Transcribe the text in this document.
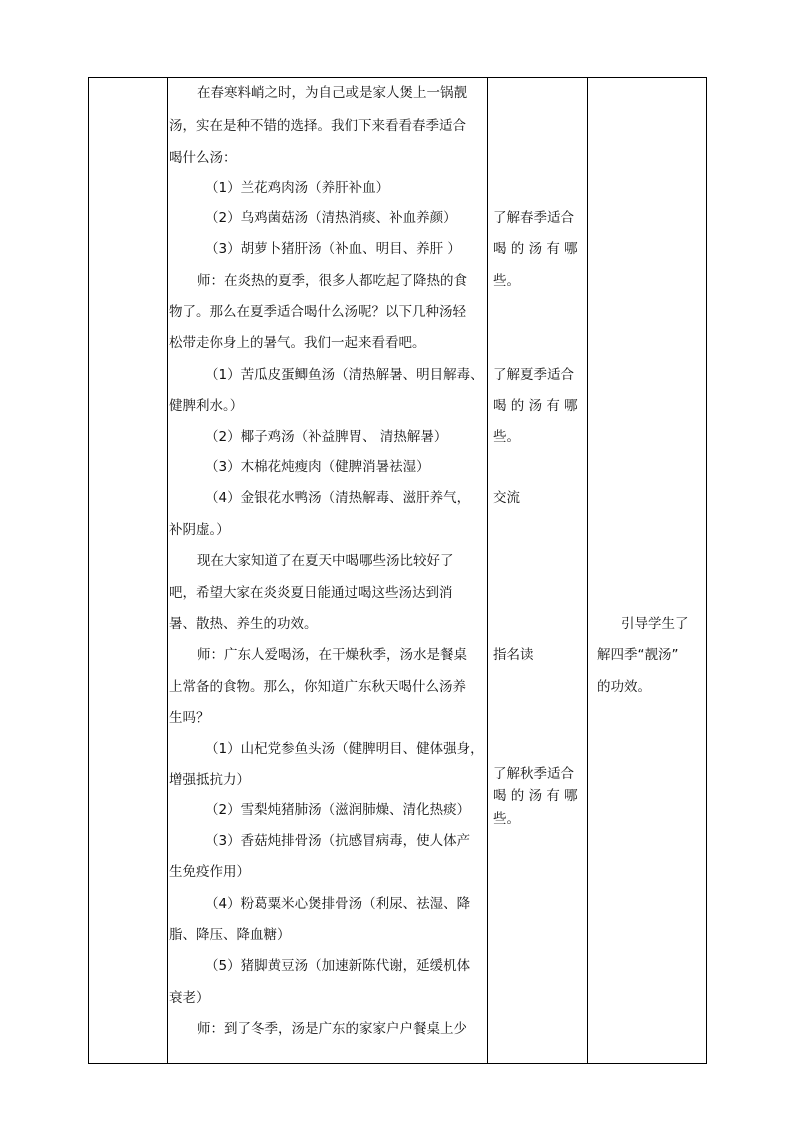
在春寒料峭之时，为自己或是家人煲上一锅靓
汤，实在是种不错的选择。我们下来看看春季适合
喝什么汤：
（1）兰花鸡肉汤（养肝补血）
（2）乌鸡菌菇汤（清热消痰、补血养颜）
（3）胡萝卜猪肝汤（补血、明目、养肝 ）
师：在炎热的夏季，很多人都吃起了降热的食
物了。那么在夏季适合喝什么汤呢？以下几种汤轻
松带走你身上的暑气。我们一起来看看吧。
（1）苦瓜皮蛋鲫鱼汤（清热解暑、明目解毒、
健脾利水。）
（2）椰子鸡汤（补益脾胃、 清热解暑）
（3）木棉花炖瘦肉（健脾消暑祛湿）
（4）金银花水鸭汤（清热解毒、滋肝养气，
补阴虚。）
现在大家知道了在夏天中喝哪些汤比较好了
吧，希望大家在炎炎夏日能通过喝这些汤达到消
暑、散热、养生的功效。
师：广东人爱喝汤，在干燥秋季，汤水是餐桌
上常备的食物。那么，你知道广东秋天喝什么汤养
生吗？
（1）山杞党参鱼头汤（健脾明目、健体强身，
增强抵抗力）
（2）雪梨炖猪肺汤（滋润肺燥、清化热痰）
（3）香菇炖排骨汤（抗感冒病毒，使人体产
生免疫作用）
（4）粉葛粟米心煲排骨汤（利尿、祛湿、降
脂、降压、降血糖）
（5）猪脚黄豆汤（加速新陈代谢，延缓机体
衰老）
师：到了冬季，汤是广东的家家户户餐桌上少
了解春季适合
喝 的 汤 有 哪
些。
了解夏季适合
喝 的 汤 有 哪
些。
交流
指名读
了解秋季适合
喝 的 汤 有 哪
些。
引导学生了
解四季“靓汤”
的功效。
